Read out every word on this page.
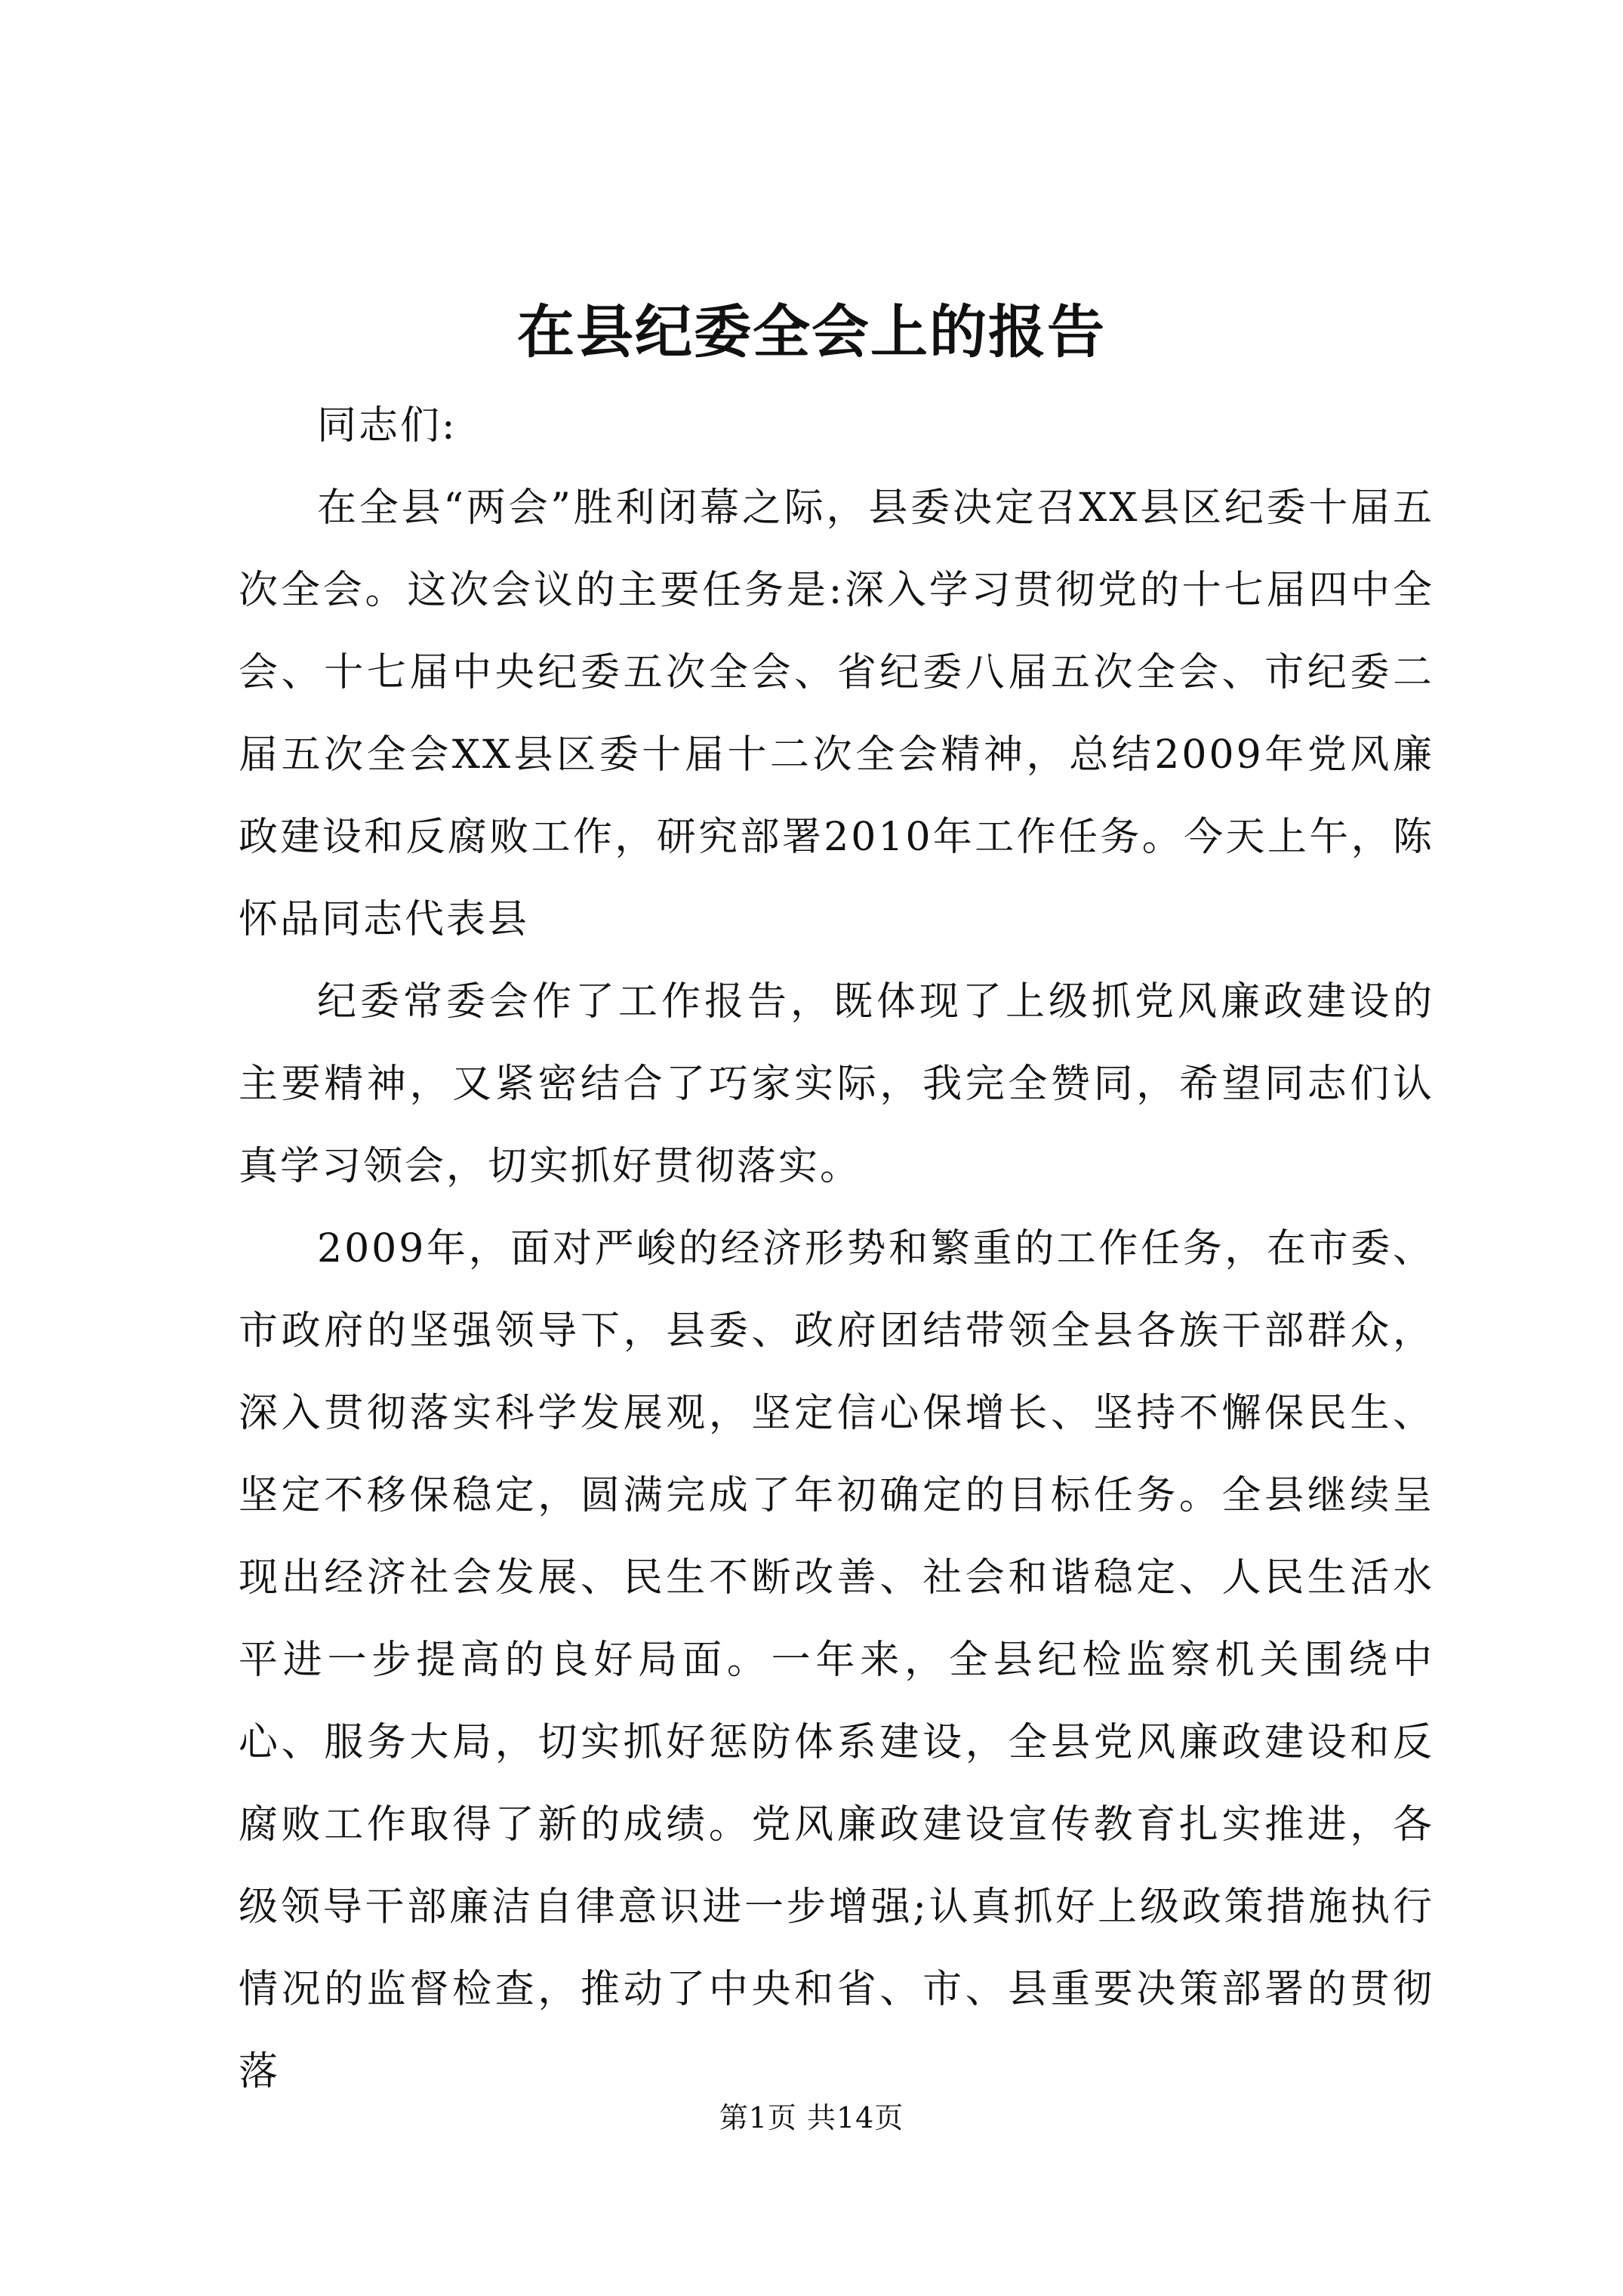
在县纪委全会上的报告

同志们:

在全县“两会”胜利闭幕之际，县委决定召XX县区纪委十届五次全会。这次会议的主要任务是:深入学习贯彻党的十七届四中全会、十七届中央纪委五次全会、省纪委八届五次全会、市纪委二届五次全会XX县区委十届十二次全会精神，总结2009年党风廉政建设和反腐败工作，研究部署2010年工作任务。今天上午，陈怀品同志代表县

纪委常委会作了工作报告，既体现了上级抓党风廉政建设的主要精神，又紧密结合了巧家实际，我完全赞同，希望同志们认真学习领会，切实抓好贯彻落实。

2009年，面对严峻的经济形势和繁重的工作任务，在市委、市政府的坚强领导下，县委、政府团结带领全县各族干部群众，深入贯彻落实科学发展观，坚定信心保增长、坚持不懈保民生、坚定不移保稳定，圆满完成了年初确定的目标任务。全县继续呈现出经济社会发展、民生不断改善、社会和谐稳定、人民生活水平进一步提高的良好局面。一年来，全县纪检监察机关围绕中心、服务大局，切实抓好惩防体系建设，全县党风廉政建设和反腐败工作取得了新的成绩。党风廉政建设宣传教育扎实推进，各级领导干部廉洁自律意识进一步增强;认真抓好上级政策措施执行情况的监督检查，推动了中央和省、市、县重要决策部署的贯彻落

第1页 共14页
